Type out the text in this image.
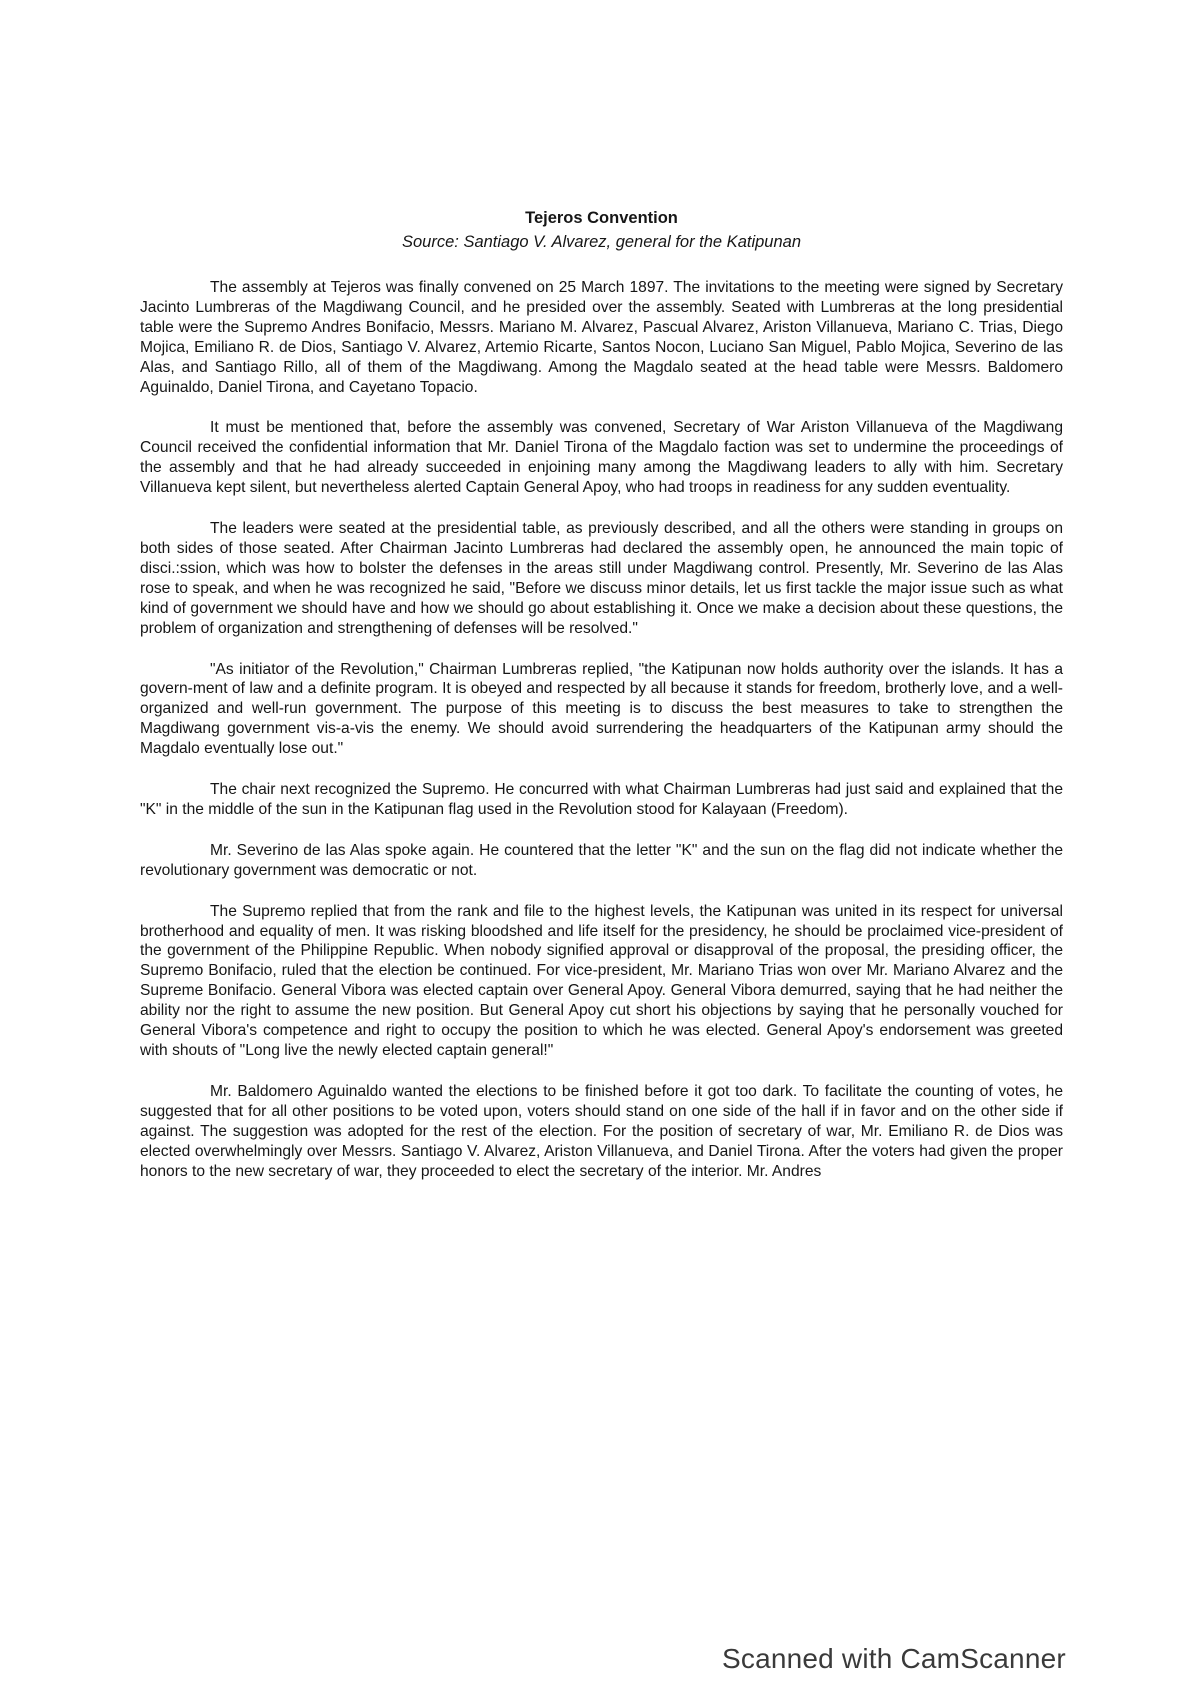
Tejeros Convention

Source: Santiago V. Alvarez, general for the Katipunan

The assembly at Tejeros was finally convened on 25 March 1897. The invitations to the meeting were signed by Secretary Jacinto Lumbreras of the Magdiwang Council, and he presided over the assembly. Seated with Lumbreras at the long presidential table were the Supremo Andres Bonifacio, Messrs. Mariano M. Alvarez, Pascual Alvarez, Ariston Villanueva, Mariano C. Trias, Diego Mojica, Emiliano R. de Dios, Santiago V. Alvarez, Artemio Ricarte, Santos Nocon, Luciano San Miguel, Pablo Mojica, Severino de las Alas, and Santiago Rillo, all of them of the Magdiwang. Among the Magdalo seated at the head table were Messrs. Baldomero Aguinaldo, Daniel Tirona, and Cayetano Topacio.

It must be mentioned that, before the assembly was convened, Secretary of War Ariston Villanueva of the Magdiwang Council received the confidential information that Mr. Daniel Tirona of the Magdalo faction was set to undermine the proceedings of the assembly and that he had already succeeded in enjoining many among the Magdiwang leaders to ally with him. Secretary Villanueva kept silent, but nevertheless alerted Captain General Apoy, who had troops in readiness for any sudden eventuality.

The leaders were seated at the presidential table, as previously described, and all the others were standing in groups on both sides of those seated. After Chairman Jacinto Lumbreras had declared the assembly open, he announced the main topic of disci.:ssion, which was how to bolster the defenses in the areas still under Magdiwang control. Presently, Mr. Severino de las Alas rose to speak, and when he was recognized he said, "Before we discuss minor details, let us first tackle the major issue such as what kind of government we should have and how we should go about establishing it. Once we make a decision about these questions, the problem of organization and strengthening of defenses will be resolved."

"As initiator of the Revolution," Chairman Lumbreras replied, "the Katipunan now holds authority over the islands. It has a govern-ment of law and a definite program. It is obeyed and respected by all because it stands for freedom, brotherly love, and a well-organized and well-run government. The purpose of this meeting is to discuss the best measures to take to strengthen the Magdiwang government vis-a-vis the enemy. We should avoid surrendering the headquarters of the Katipunan army should the Magdalo eventually lose out."

The chair next recognized the Supremo. He concurred with what Chairman Lumbreras had just said and explained that the "K" in the middle of the sun in the Katipunan flag used in the Revolution stood for Kalayaan (Freedom).

Mr. Severino de las Alas spoke again. He countered that the letter "K" and the sun on the flag did not indicate whether the revolutionary government was democratic or not.

The Supremo replied that from the rank and file to the highest levels, the Katipunan was united in its respect for universal brotherhood and equality of men. It was risking bloodshed and life itself for the presidency, he should be proclaimed vice-president of the government of the Philippine Republic. When nobody signified approval or disapproval of the proposal, the presiding officer, the Supremo Bonifacio, ruled that the election be continued. For vice-president, Mr. Mariano Trias won over Mr. Mariano Alvarez and the Supreme Bonifacio. General Vibora was elected captain over General Apoy. General Vibora demurred, saying that he had neither the ability nor the right to assume the new position. But General Apoy cut short his objections by saying that he personally vouched for General Vibora's competence and right to occupy the position to which he was elected. General Apoy's endorsement was greeted with shouts of "Long live the newly elected captain general!"

Mr. Baldomero Aguinaldo wanted the elections to be finished before it got too dark. To facilitate the counting of votes, he suggested that for all other positions to be voted upon, voters should stand on one side of the hall if in favor and on the other side if against. The suggestion was adopted for the rest of the election. For the position of secretary of war, Mr. Emiliano R. de Dios was elected overwhelmingly over Messrs. Santiago V. Alvarez, Ariston Villanueva, and Daniel Tirona. After the voters had given the proper honors to the new secretary of war, they proceeded to elect the secretary of the interior. Mr. Andres

Scanned with CamScanner
